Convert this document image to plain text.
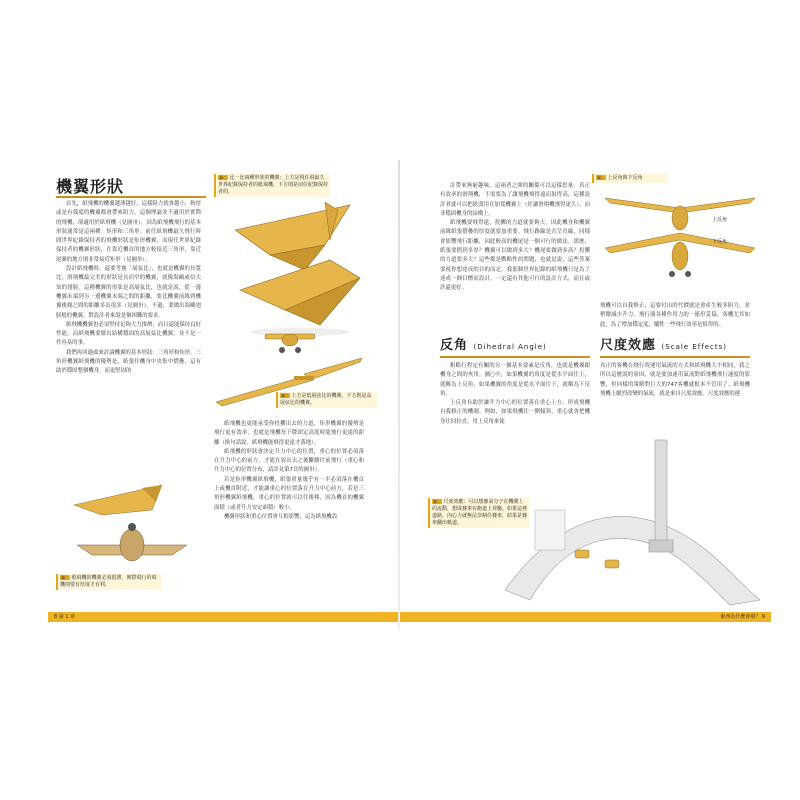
機翼形狀

首先，紙飛機的機翼越薄越好，這樣阻力就會越小，較厚或是有弧度的機翼都會帶來阻力，這個理論並不適用於實際的飛機，卻適用於紙飛機（見圖卅），因為紙飛機飛行的基本形狀通常是這兩種：矩形和三角形。前任紙飛機最久飛行時間世界紀錄保持者的飛機形狀是矩形機翼，而現任世界紀錄保持者的機翼形狀，在靠近機首的地方較接近三角形，靠近尾翼的地方則非常接近矩形（見圖卅）。

設計紙飛機時，還要考慮「展弦比」，也就是機翼的長寬比。滑翔機最完美的形狀是長而窄的機翼，就像海鷗或信天翁的翅膀。這種機翼的形狀是高展弦比，也就是說，從一邊機翼末端到另一邊機翼末端之間的距離，要比機翼前緣到機翼後緣之間的距離多出很多（見圖卅）。不過，要做出海鷗翅膀般的機翼，對設計者來說是個困難的要求。

紙飛機機翼也必須堅持足夠大力推擠，而且還能保持良好性能，而紙飛機要做出結構穩固的高展弦比機翼，並不是一件容易的事。

我們再回過頭來討論機翼的基本形狀：三角形和矩形。三角形機翼紙飛機的優勢是，紙張往機身中央集中摺疊，這有助於穩固整個機身，而更堅固的

紙飛機也更能承受你投擲出去的力道，矩形機翼的優勢是飛行更有效率，也就是飛機每下降固定高度時能飛行更遠的距離（換句話說，紙飛機能飛得更遠才落地）。

紙飛機的形狀會決定升力中心的位置，重心的位置必須落在升力中心的前方，才能在射出去之後繼續往前飛行（重心和升力中心的位置分布，請詳見第7頁的圖卅）。

若是矩形機翼紙飛機，紙張重量幾乎有一半必須落在機首上或機首附近，才能讓重心的位置落在升力中心前方，若是三角形機翼紙飛機，重心的位置就可以往後移，因為機首的機翼面積（或者升力安定面積）較小。

機翼形狀和重心位置會互相影響，這為紙飛機設

圖○ 比一比兩種形狀的機翼：上方是現任飛最久世界紀錄保持者的紙飛機，下方則是前任紀錄保持者的。
圖○ 上方是低展弦比的機翼，下方則是高展弦比的機翼。
圖○ 紙飛機的機翼必須很薄，實際飛行的飛機則要有厚度才有利。
8 第 1 章

計帶來無窮趣味，這兩者之間的關係可以這樣思量：真正有效率的滑翔機，不需要為了讓飛機飛得遠而射得高，這種設計者就可以把紙張用在加寬機翼上（好讓滑翔機飛得更久），而非穩固機身的結構上。

紙飛機要飛得遠，投擲的力道就要夠大，因此機身和機翼前緣紙張摺疊的厚度就要加重要。飛行路線是否呈直線，同樣會影響飛行距離，因此較高的機尾是一個可行的做法。那麼，紙張要摺到多厚？機翼可以做到多大？機尾要做到多高？投擲的力道要多大？這些都是戰略性的問題，也就是說，這些答案要視你想達成的目的而定。我那個世界紀錄的紙飛機只是為了達成一個目標而設計，一定還有其他可行的設計方式，而且或許還更好。

反角 (Dihedral Angle)

粗略行程定有關的另一個基本要素是反角，也就是機翼跟機身之間的夾角。圖○中，如果機翼的角度是從水平面往上，就稱為上反角，如果機翼的角度是從水平面往下，就稱為下反角。

上反角有助於讓升力中心的位置落在重心上方，形成飛機自我修正的機制。例如，如果飛機往一側傾斜，重心就會把機身往回拉直。用上反角來使

圖○ 上反角與下反角
上反角
下反角
飛機可以自我修正，這要付出的代價就是會產生較多阻力，並稍微減少升力。飛行器各種作用力的一連串妥協，客機尤其如此，為了增加穩定度，犧牲一些飛行效率是值得的。
尺度效應 (Scale Effects)
真正的客機在飛行時運用氣流的方式和紙飛機大不相同，我之所以這麼說的原因，就是要加速用氣流對紙飛機飛行速度的影響，但同樣的策略對巨大的747客機就根本不管用了。紙飛機飛機上劇烈改變的氣流，就是來自尺度效應。尺度效應的運
圖○ 尺度效應：可以想像氣分子在機翼上的流動，想成賽車在跑道上奔馳。如果這裡道路，內心力就無法奈制住賽車，結果是賽車翻出軌道。
東西為什麼會飛？ 9
